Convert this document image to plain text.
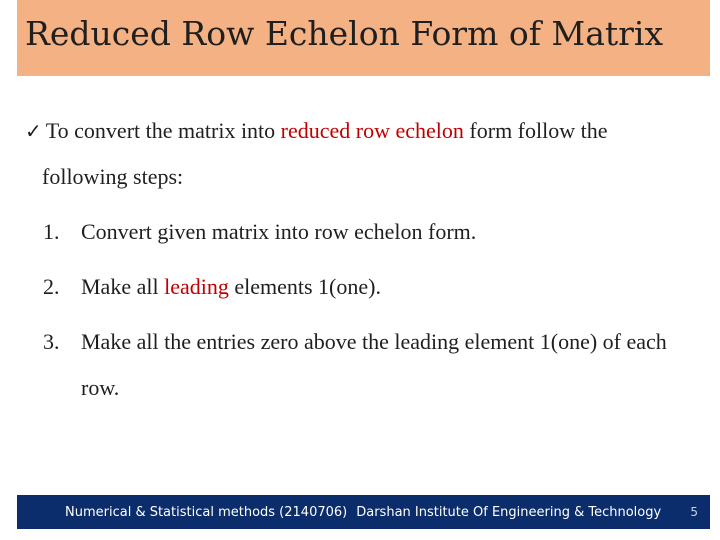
Reduced Row Echelon Form of Matrix
✓ To convert the matrix into reduced row echelon form follow the
following steps:
1. Convert given matrix into row echelon form.
2. Make all leading elements 1(one).
3. Make all the entries zero above the leading element 1(one) of each row.
Numerical & Statistical methods (2140706) Darshan Institute Of Engineering & Technology 5
